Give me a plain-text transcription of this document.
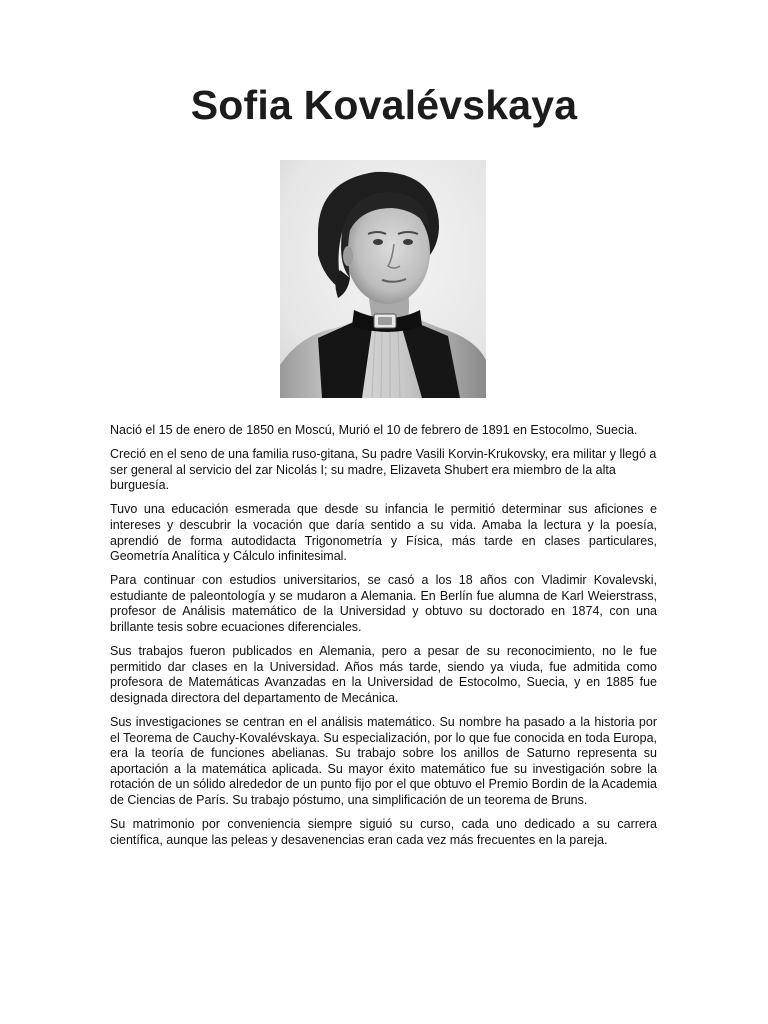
Sofia Kovalévskaya

Nació el 15 de enero de 1850 en Moscú, Murió el 10 de febrero de 1891 en Estocolmo, Suecia.

Creció en el seno de una familia ruso-gitana, Su padre Vasili Korvin-Krukovsky, era militar y llegó a ser general al servicio del zar Nicolás I; su madre, Elizaveta Shubert era miembro de la alta burguesía.

Tuvo una educación esmerada que desde su infancia le permitió determinar sus aficiones e intereses y descubrir la vocación que daría sentido a su vida. Amaba la lectura y la poesía, aprendió de forma autodidacta Trigonometría y Física, más tarde en clases particulares, Geometría Analítica y Cálculo infinitesimal.

Para continuar con estudios universitarios, se casó a los 18 años con Vladimir Kovalevski, estudiante de paleontología y se mudaron a Alemania. En Berlín fue alumna de Karl Weierstrass, profesor de Análisis matemático de la Universidad y obtuvo su doctorado en 1874, con una brillante tesis sobre ecuaciones diferenciales.

Sus trabajos fueron publicados en Alemania, pero a pesar de su reconocimiento, no le fue permitido dar clases en la Universidad. Años más tarde, siendo ya viuda, fue admitida como profesora de Matemáticas Avanzadas en la Universidad de Estocolmo, Suecia, y en 1885 fue designada directora del departamento de Mecánica.

Sus investigaciones se centran en el análisis matemático. Su nombre ha pasado a la historia por el Teorema de Cauchy-Kovalévskaya. Su especialización, por lo que fue conocida en toda Europa, era la teoría de funciones abelianas. Su trabajo sobre los anillos de Saturno representa su aportación a la matemática aplicada. Su mayor éxito matemático fue su investigación sobre la rotación de un sólido alrededor de un punto fijo por el que obtuvo el Premio Bordin de la Academia de Ciencias de París. Su trabajo póstumo, una simplificación de un teorema de Bruns.

Su matrimonio por conveniencia siempre siguió su curso, cada uno dedicado a su carrera científica, aunque las peleas y desavenencias eran cada vez más frecuentes en la pareja.
